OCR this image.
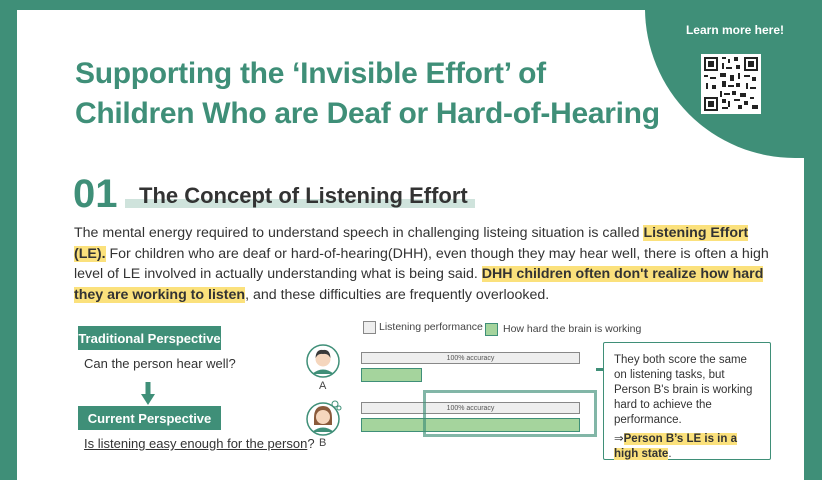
Learn more here!
Supporting the ‘Invisible Effort’ of
Children Who are Deaf or Hard-of-Hearing
01 The Concept of Listening Effort

The mental energy required to understand speech in challenging listeing situation is called Listening Effort (LE). For children who are deaf or hard-of-hearing(DHH), even though they may hear well, there is often a high level of LE involved in actually understanding what is being said. DHH children often don't realize how hard they are working to listen, and these difficulties are frequently overlooked.

Traditional Perspective
Can the person hear well?
Current Perspective
Is listening easy enough for the person?
Listening performance How hard the brain is working
A
B
100% accuracy
100% accuracy
They both score the same on listening tasks, but Person B's brain is working hard to achieve the performance.
⇒Person B’s LE is in a high state.
